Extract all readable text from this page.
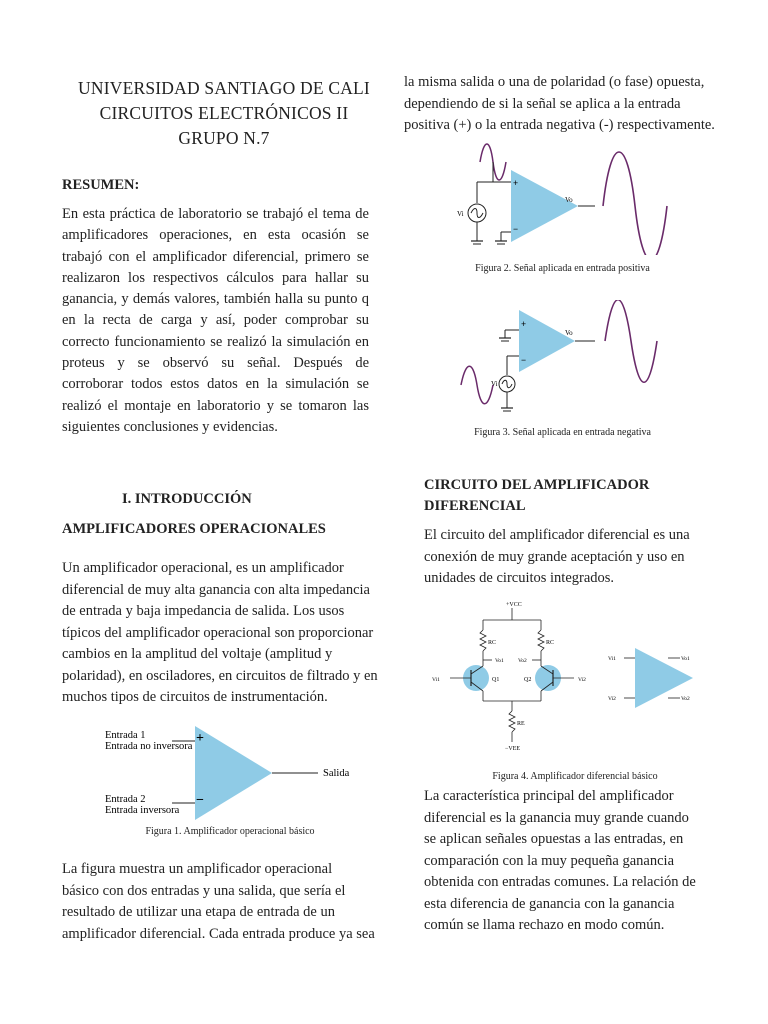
UNIVERSIDAD SANTIAGO DE CALI
CIRCUITOS ELECTRÓNICOS II
GRUPO N.7
RESUMEN:
En esta práctica de laboratorio se trabajó el tema de amplificadores operaciones, en esta ocasión se trabajó con el amplificador diferencial, primero se realizaron los respectivos cálculos para hallar su ganancia, y demás valores, también halla su punto q en la recta de carga y así, poder comprobar su correcto funcionamiento se realizó la simulación en proteus y se observó su señal. Después de corroborar todos estos datos en la simulación se realizó el montaje en laboratorio y se tomaron las siguientes conclusiones y evidencias.
I. INTRODUCCIÓN
AMPLIFICADORES OPERACIONALES
Un amplificador operacional, es un amplificador
diferencial de muy alta ganancia con alta impedancia
de entrada y baja impedancia de salida. Los usos
típicos del amplificador operacional son proporcionar
cambios en la amplitud del voltaje (amplitud y
polaridad), en osciladores, en circuitos de filtrado y en
muchos tipos de circuitos de instrumentación.
Entrada 1
Entrada no inversora
Entrada 2
Entrada inversora
+
−
Salida
Figura 1. Amplificador operacional básico
La figura muestra un amplificador operacional
básico con dos entradas y una salida, que sería el
resultado de utilizar una etapa de entrada de un
amplificador diferencial. Cada entrada produce ya sea
la misma salida o una de polaridad (o fase) opuesta,
dependiendo de si la señal se aplica a la entrada
positiva (+) o la entrada negativa (-) respectivamente.
Vi
+
−
Vo
Figura 2. Señal aplicada en entrada positiva
+
−
Vo
Vi
Figura 3. Señal aplicada en entrada negativa
CIRCUITO DEL AMPLIFICADOR
DIFERENCIAL
El circuito del amplificador diferencial es una
conexión de muy grande aceptación y uso en
unidades de circuitos integrados.
+VCC
RC	RC
Vo1	Vo2
Vi1	Q1	Vi2
Q2
RE
−VEE
Vi1
Vi2
Vo1
Vo2
Figura 4. Amplificador diferencial básico
La característica principal del amplificador
diferencial es la ganancia muy grande cuando
se aplican señales opuestas a las entradas, en
comparación con la muy pequeña ganancia
obtenida con entradas comunes. La relación de
esta diferencia de ganancia con la ganancia
común se llama rechazo en modo común.
